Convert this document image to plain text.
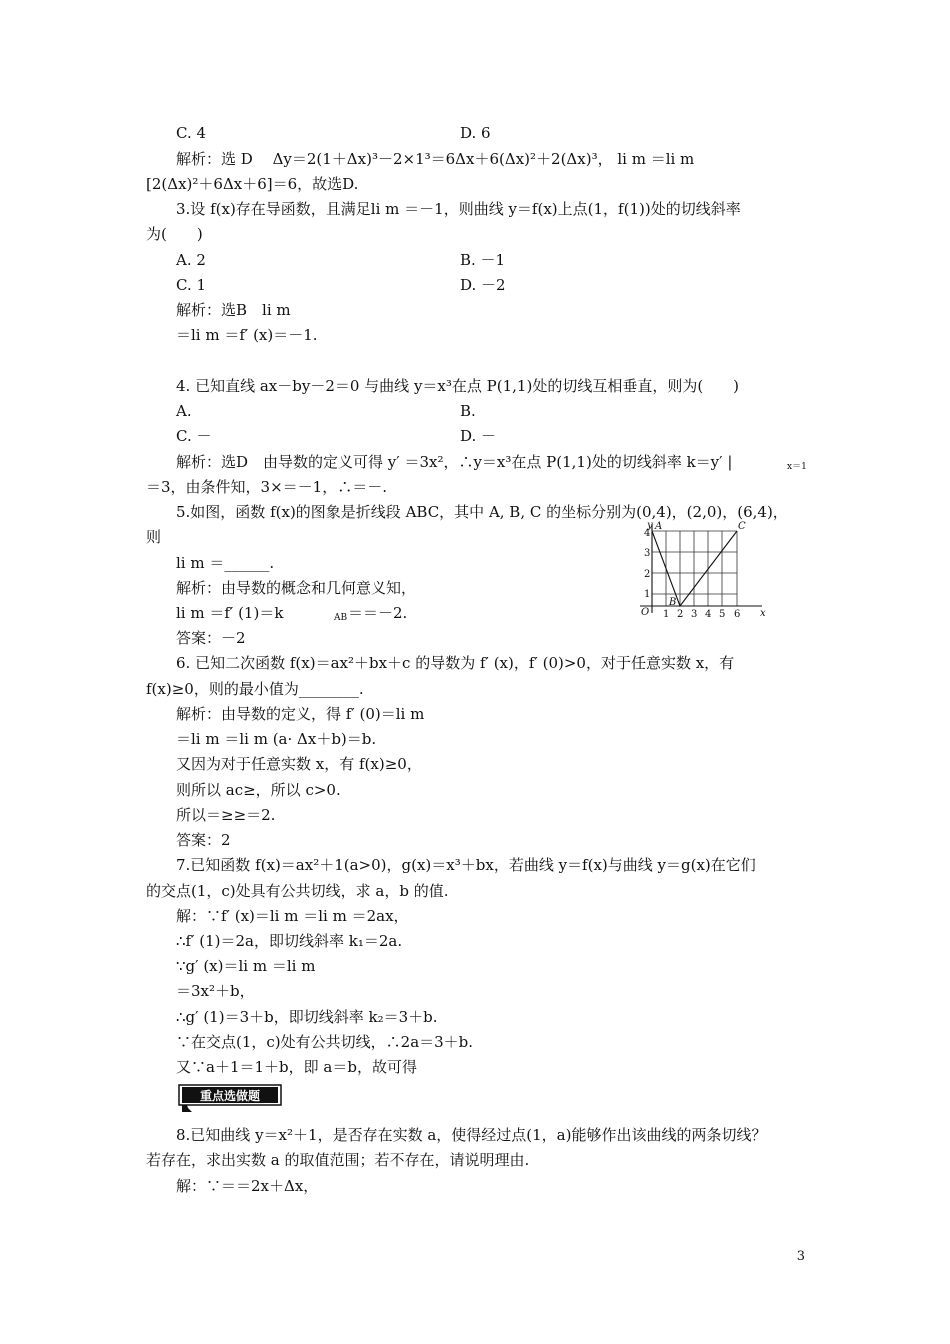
C. 4	D. 6
解析：选 D　 Δy＝2(1＋Δx)³－2×1³＝6Δx＋6(Δx)²＋2(Δx)³， li m ＝li m
[2(Δx)²＋6Δx＋6]＝6，故选D.
3.设 f(x)存在导函数，且满足li m ＝－1，则曲线 y＝f(x)上点(1，f(1))处的切线斜率
为(　　)
A. 2	B. －1
C. 1	D. －2
解析：选B　li m
＝li m ＝f′ (x)＝－1.
4. 已知直线 ax－by－2＝0 与曲线 y＝x³在点 P(1,1)处的切线互相垂直，则为(　　)
A.	B.
C. －	D. －
解析：选D　由导数的定义可得 y′ ＝3x²，∴y＝x³在点 P(1,1)处的切线斜率 k＝y′ |	x＝1
＝3，由条件知，3×＝－1，∴＝－.
5.如图，函数 f(x)的图象是折线段 ABC，其中 A, B, C 的坐标分别为(0,4)，(2,0)，(6,4)，
则
li m ＝______.
解析：由导数的概念和几何意义知，
li m ＝f′ (1)＝k	AB ＝＝－2.
答案：－2
y
x
O
A
B
C
1
2
3
4
1 2 3 4 5 6
6. 已知二次函数 f(x)＝ax²＋bx＋c 的导数为 f′ (x)，f′ (0)>0，对于任意实数 x，有
f(x)≥0，则的最小值为________.
解析：由导数的定义，得 f′ (0)＝li m
＝li m ＝li m (a· Δx＋b)＝b.
又因为对于任意实数 x，有 f(x)≥0，
则所以 ac≥，所以 c>0.
所以＝≥≥＝2.
答案：2
7.已知函数 f(x)＝ax²＋1(a>0)，g(x)＝x³＋bx，若曲线 y＝f(x)与曲线 y＝g(x)在它们
的交点(1，c)处具有公共切线，求 a，b 的值.
解：∵f′ (x)＝li m ＝li m ＝2ax，
∴f′ (1)＝2a，即切线斜率 k₁＝2a.
∵g′ (x)＝li m ＝li m
＝3x²＋b，
∴g′ (1)＝3＋b，即切线斜率 k₂＝3＋b.
∵在交点(1，c)处有公共切线，∴2a＝3＋b.
又∵a＋1＝1＋b，即 a＝b，故可得
重点选做题
8.已知曲线 y＝x²＋1，是否存在实数 a，使得经过点(1，a)能够作出该曲线的两条切线？
若存在，求出实数 a 的取值范围；若不存在，请说明理由.
解：∵＝＝2x＋Δx，
3
